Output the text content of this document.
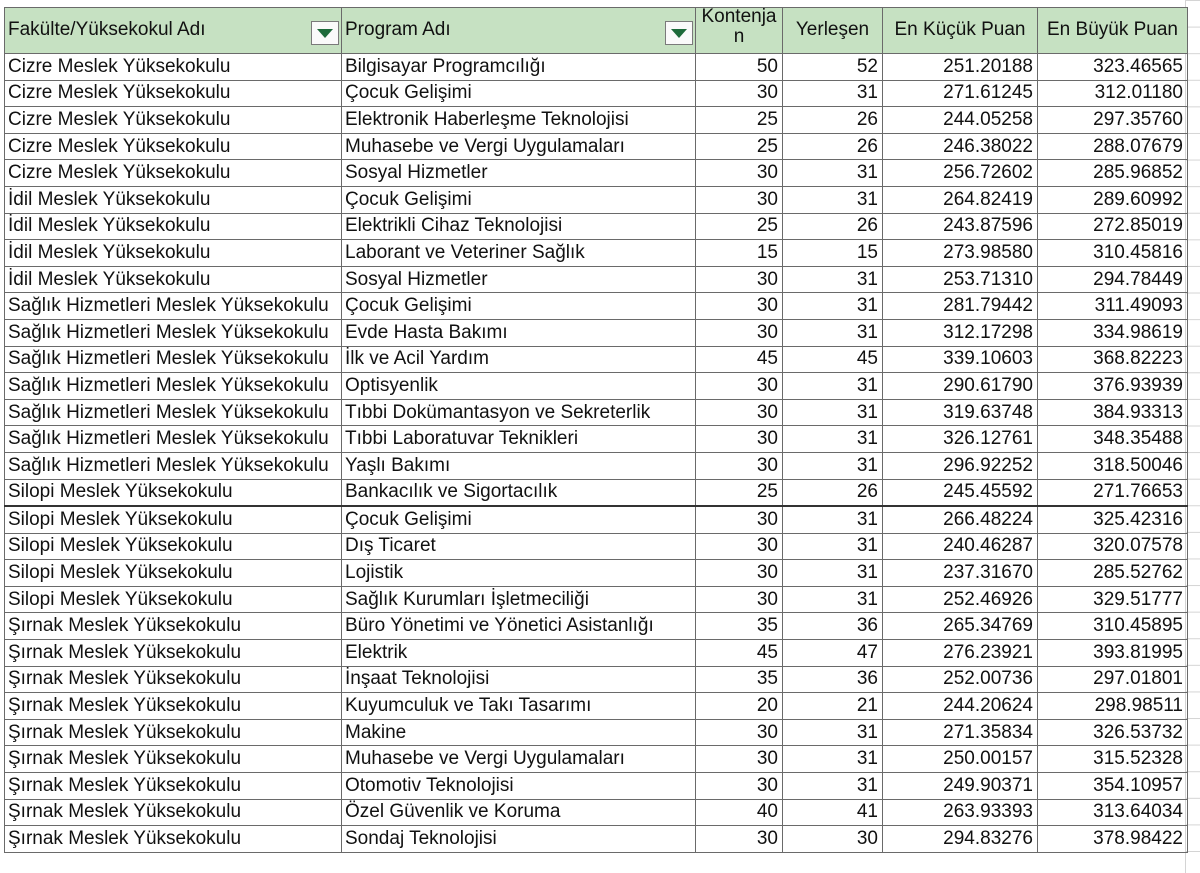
Fakülte/Yüksekokul Adı	Program Adı	Kontenja n	Yerleşen	En Küçük Puan	En Büyük Puan
Cizre Meslek Yüksekokulu	Bilgisayar Programcılığı	50	52	251.20188	323.46565
Cizre Meslek Yüksekokulu	Çocuk Gelişimi	30	31	271.61245	312.01180
Cizre Meslek Yüksekokulu	Elektronik Haberleşme Teknolojisi	25	26	244.05258	297.35760
Cizre Meslek Yüksekokulu	Muhasebe ve Vergi Uygulamaları	25	26	246.38022	288.07679
Cizre Meslek Yüksekokulu	Sosyal Hizmetler	30	31	256.72602	285.96852
İdil Meslek Yüksekokulu	Çocuk Gelişimi	30	31	264.82419	289.60992
İdil Meslek Yüksekokulu	Elektrikli Cihaz Teknolojisi	25	26	243.87596	272.85019
İdil Meslek Yüksekokulu	Laborant ve Veteriner Sağlık	15	15	273.98580	310.45816
İdil Meslek Yüksekokulu	Sosyal Hizmetler	30	31	253.71310	294.78449
Sağlık Hizmetleri Meslek Yüksekokulu	Çocuk Gelişimi	30	31	281.79442	311.49093
Sağlık Hizmetleri Meslek Yüksekokulu	Evde Hasta Bakımı	30	31	312.17298	334.98619
Sağlık Hizmetleri Meslek Yüksekokulu	İlk ve Acil Yardım	45	45	339.10603	368.82223
Sağlık Hizmetleri Meslek Yüksekokulu	Optisyenlik	30	31	290.61790	376.93939
Sağlık Hizmetleri Meslek Yüksekokulu	Tıbbi Dokümantasyon ve Sekreterlik	30	31	319.63748	384.93313
Sağlık Hizmetleri Meslek Yüksekokulu	Tıbbi Laboratuvar Teknikleri	30	31	326.12761	348.35488
Sağlık Hizmetleri Meslek Yüksekokulu	Yaşlı Bakımı	30	31	296.92252	318.50046
Silopi Meslek Yüksekokulu	Bankacılık ve Sigortacılık	25	26	245.45592	271.76653
Silopi Meslek Yüksekokulu	Çocuk Gelişimi	30	31	266.48224	325.42316
Silopi Meslek Yüksekokulu	Dış Ticaret	30	31	240.46287	320.07578
Silopi Meslek Yüksekokulu	Lojistik	30	31	237.31670	285.52762
Silopi Meslek Yüksekokulu	Sağlık Kurumları İşletmeciliği	30	31	252.46926	329.51777
Şırnak Meslek Yüksekokulu	Büro Yönetimi ve Yönetici Asistanlığı	35	36	265.34769	310.45895
Şırnak Meslek Yüksekokulu	Elektrik	45	47	276.23921	393.81995
Şırnak Meslek Yüksekokulu	İnşaat Teknolojisi	35	36	252.00736	297.01801
Şırnak Meslek Yüksekokulu	Kuyumculuk ve Takı Tasarımı	20	21	244.20624	298.98511
Şırnak Meslek Yüksekokulu	Makine	30	31	271.35834	326.53732
Şırnak Meslek Yüksekokulu	Muhasebe ve Vergi Uygulamaları	30	31	250.00157	315.52328
Şırnak Meslek Yüksekokulu	Otomotiv Teknolojisi	30	31	249.90371	354.10957
Şırnak Meslek Yüksekokulu	Özel Güvenlik ve Koruma	40	41	263.93393	313.64034
Şırnak Meslek Yüksekokulu	Sondaj Teknolojisi	30	30	294.83276	378.98422
